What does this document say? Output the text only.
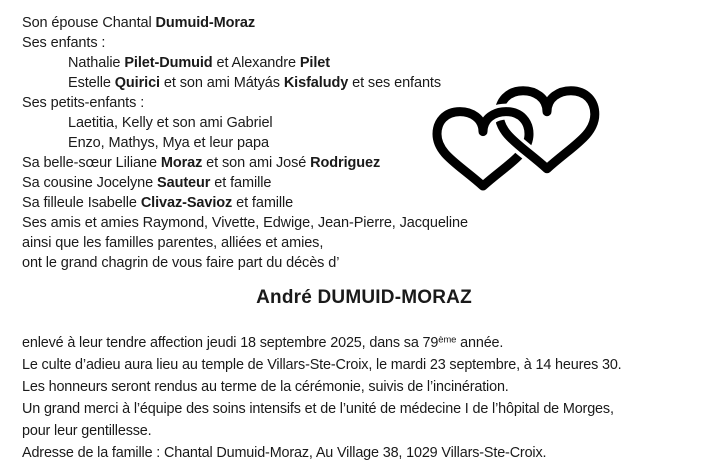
Son épouse Chantal Dumuid-Moraz
Ses enfants :
Nathalie Pilet-Dumuid et Alexandre Pilet
Estelle Quirici et son ami Mátyás Kisfaludy et ses enfants
Ses petits-enfants :
Laetitia, Kelly et son ami Gabriel
Enzo, Mathys, Mya et leur papa
Sa belle-sœur Liliane Moraz et son ami José Rodriguez
Sa cousine Jocelyne Sauteur et famille
Sa filleule Isabelle Clivaz-Savioz et famille
Ses amis et amies Raymond, Vivette, Edwige, Jean-Pierre, Jacqueline
ainsi que les familles parentes, alliées et amies,
ont le grand chagrin de vous faire part du décès d’
André DUMUID-MORAZ
enlevé à leur tendre affection jeudi 18 septembre 2025, dans sa 79ème année.
Le culte d’adieu aura lieu au temple de Villars-Ste-Croix, le mardi 23 septembre, à 14 heures 30.
Les honneurs seront rendus au terme de la cérémonie, suivis de l’incinération.
Un grand merci à l’équipe des soins intensifs et de l’unité de médecine I de l’hôpital de Morges,
pour leur gentillesse.
Adresse de la famille : Chantal Dumuid-Moraz, Au Village 38, 1029 Villars-Ste-Croix.
